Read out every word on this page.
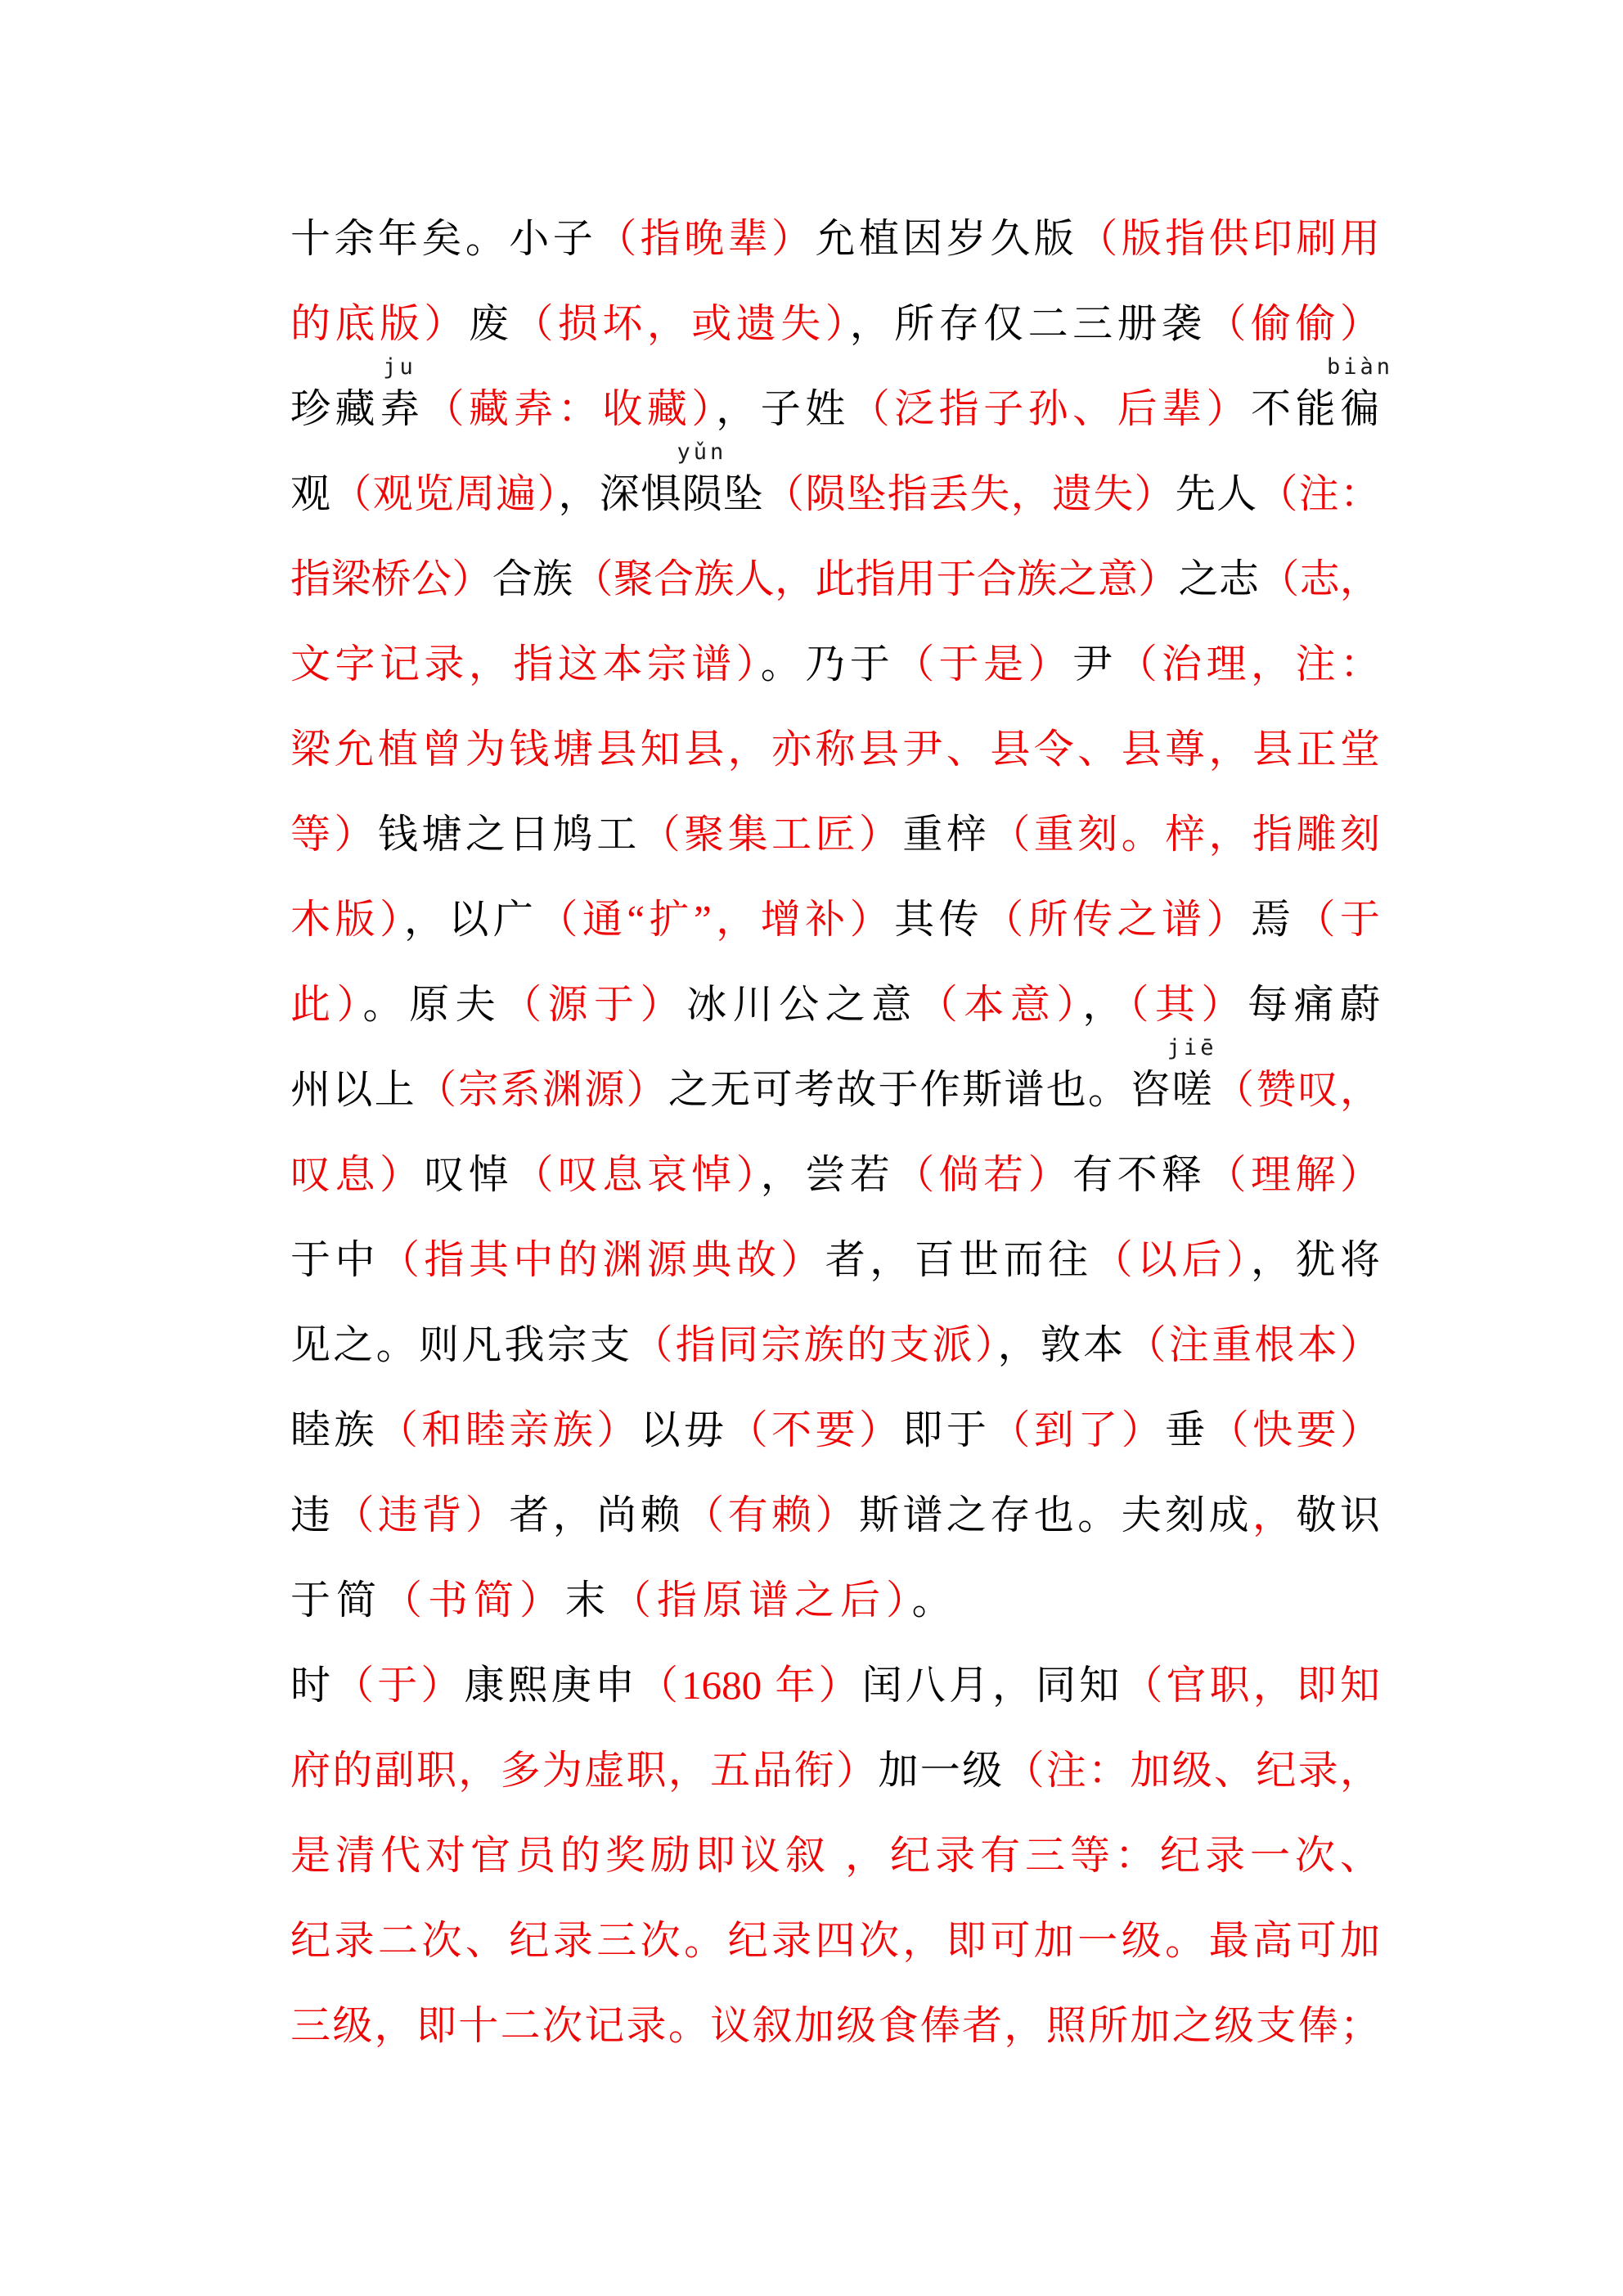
十余年矣。小子（指晚辈）允植因岁久版（版指供印刷用
的底版）废（损坏，或遗失），所存仅二三册袭（偷偷）
珍藏
ju
弆（藏弆：收藏），子姓（泛指子孙、后辈）不能
biàn
徧
观（观览周遍），深惧
yǔn
陨坠（陨坠指丢失，遗失）先人（注：
指梁桥公）合族（聚合族人，此指用于合族之意）之志（志，
文字记录，指这本宗谱）。乃于（于是）尹（治理，注：
梁允植曾为钱塘县知县，亦称县尹、县令、县尊，县正堂
等）钱塘之日鸠工（聚集工匠）重梓（重刻。梓，指雕刻
木版），以广（通“扩”，增补）其传（所传之谱）焉（于
此）。原夫（源于）冰川公之意（本意），（其）每痛蔚
州以上（宗系渊源）之无可考故于作斯谱也。咨
jiē
嗟（赞叹，
叹息）叹悼（叹息哀悼），尝若（倘若）有不释（理解）
于中（指其中的渊源典故）者，百世而往（以后），犹将
见之。则凡我宗支（指同宗族的支派），敦本（注重根本）
睦族（和睦亲族）以毋（不要）即于（到了）垂（快要）
违（违背）者，尚赖（有赖）斯谱之存也。夫刻成，敬识
于简（书简）末（指原谱之后）。
时（于）康熙庚申（1680 年）闰八月，同知（官职，即知
府的副职，多为虚职，五品衔）加一级（注：加级、纪录，
是清代对官员的奖励即议叙 ，纪录有三等：纪录一次、
纪录二次、纪录三次。纪录四次，即可加一级。最高可加
三级，即十二次记录。议叙加级食俸者，照所加之级支俸；
